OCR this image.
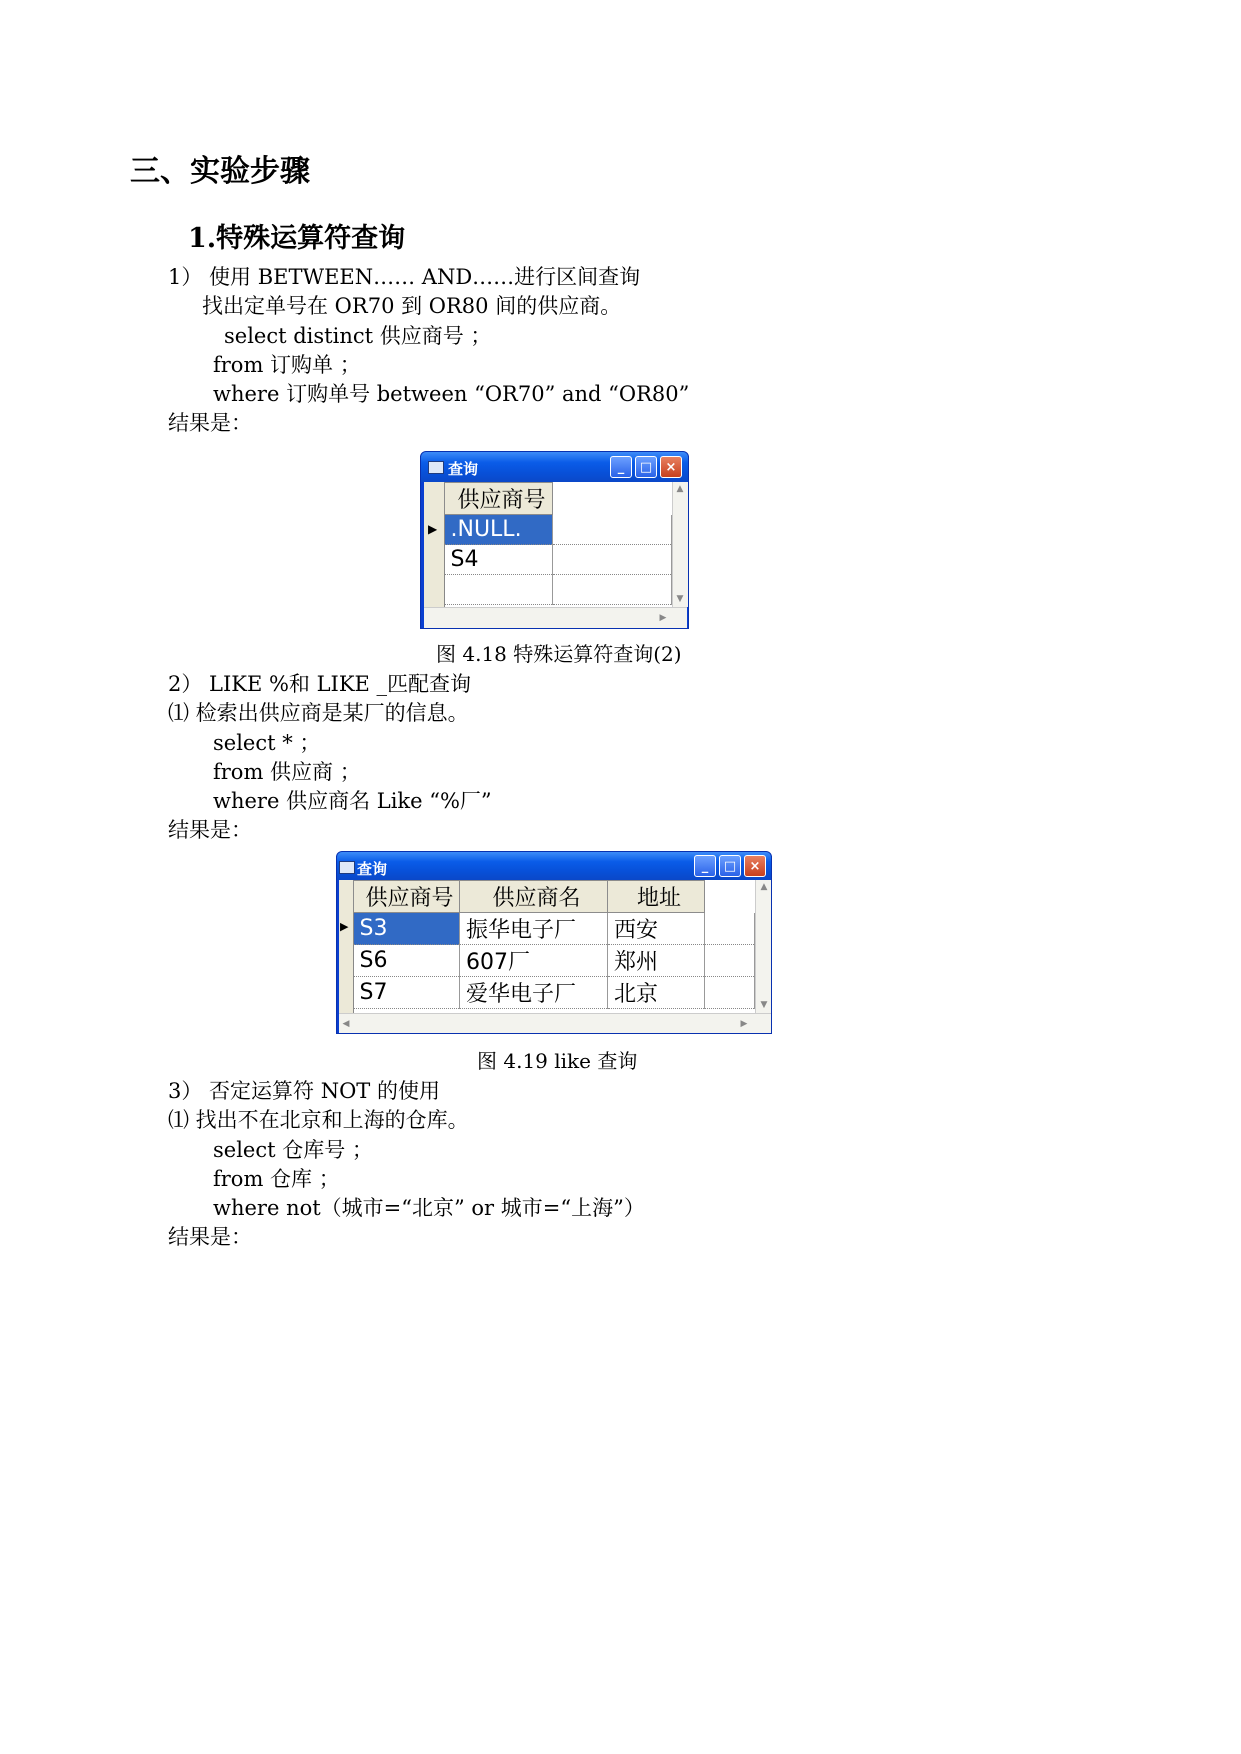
三、实验步骤
1.特殊运算符查询
1） 使用 BETWEEN…… AND……进行区间查询
找出定单号在 OR70 到 OR80 间的供应商。
select distinct 供应商号 ；
from 订购单 ；
where 订购单号 between “OR70” and “OR80”
结果是：
查询	_	□	×
▶
供应商号	
.NULL.	
S4	

▲
▼
▶
图 4.18 特殊运算符查询(2)
2） LIKE %和 LIKE _匹配查询
⑴ 检索出供应商是某厂的信息。
select * ；
from 供应商 ；
where 供应商名 Like “%厂”
结果是：
查询	_	□	×
▶
供应商号	供应商名	地址	
S3	振华电子厂	西安	
S6	607厂	郑州	
S7	爱华电子厂	北京	
▲
▼
◀	▶
图 4.19 like 查询
3） 否定运算符 NOT 的使用
⑴ 找出不在北京和上海的仓库。
select 仓库号 ；
from 仓库 ；
where not（城市=“北京” or 城市=“上海”）
结果是：
